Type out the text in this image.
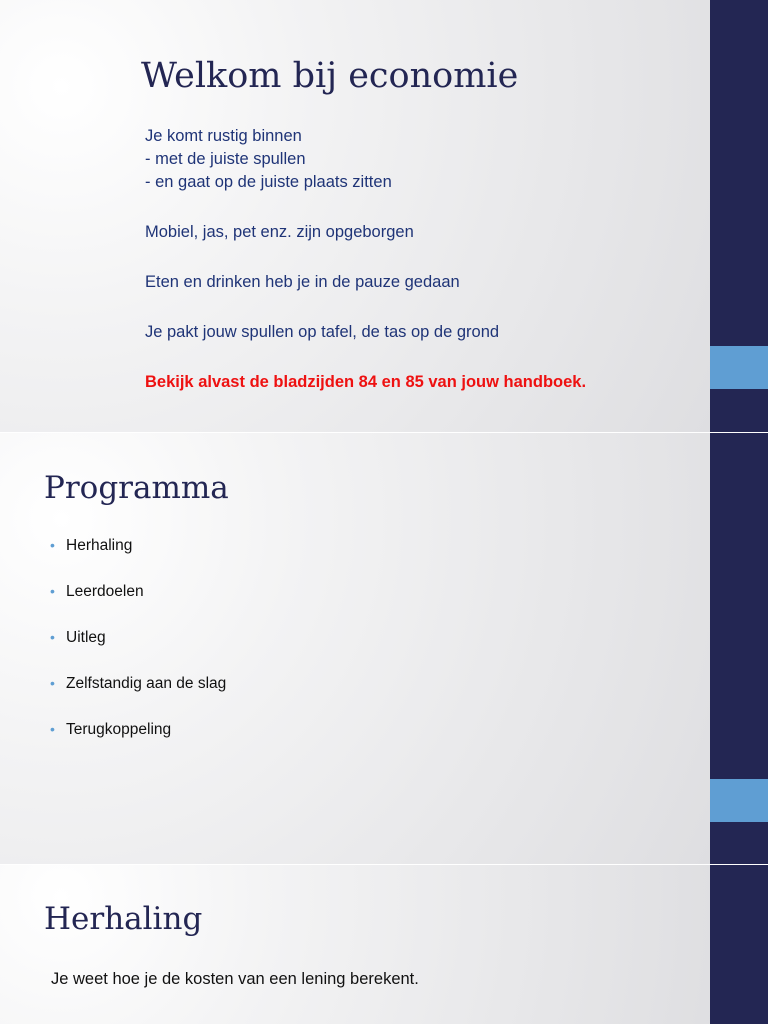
Welkom bij economie

Je komt rustig binnen

- met de juiste spullen

- en gaat op de juiste plaats zitten

Mobiel, jas, pet enz. zijn opgeborgen

Eten en drinken heb je in de pauze gedaan

Je pakt jouw spullen op tafel, de tas op de grond

Bekijk alvast de bladzijden 84 en 85 van jouw handboek.

Programma
• Herhaling
• Leerdoelen
• Uitleg
• Zelfstandig aan de slag
• Terugkoppeling
Herhaling

Je weet hoe je de kosten van een lening berekent.
